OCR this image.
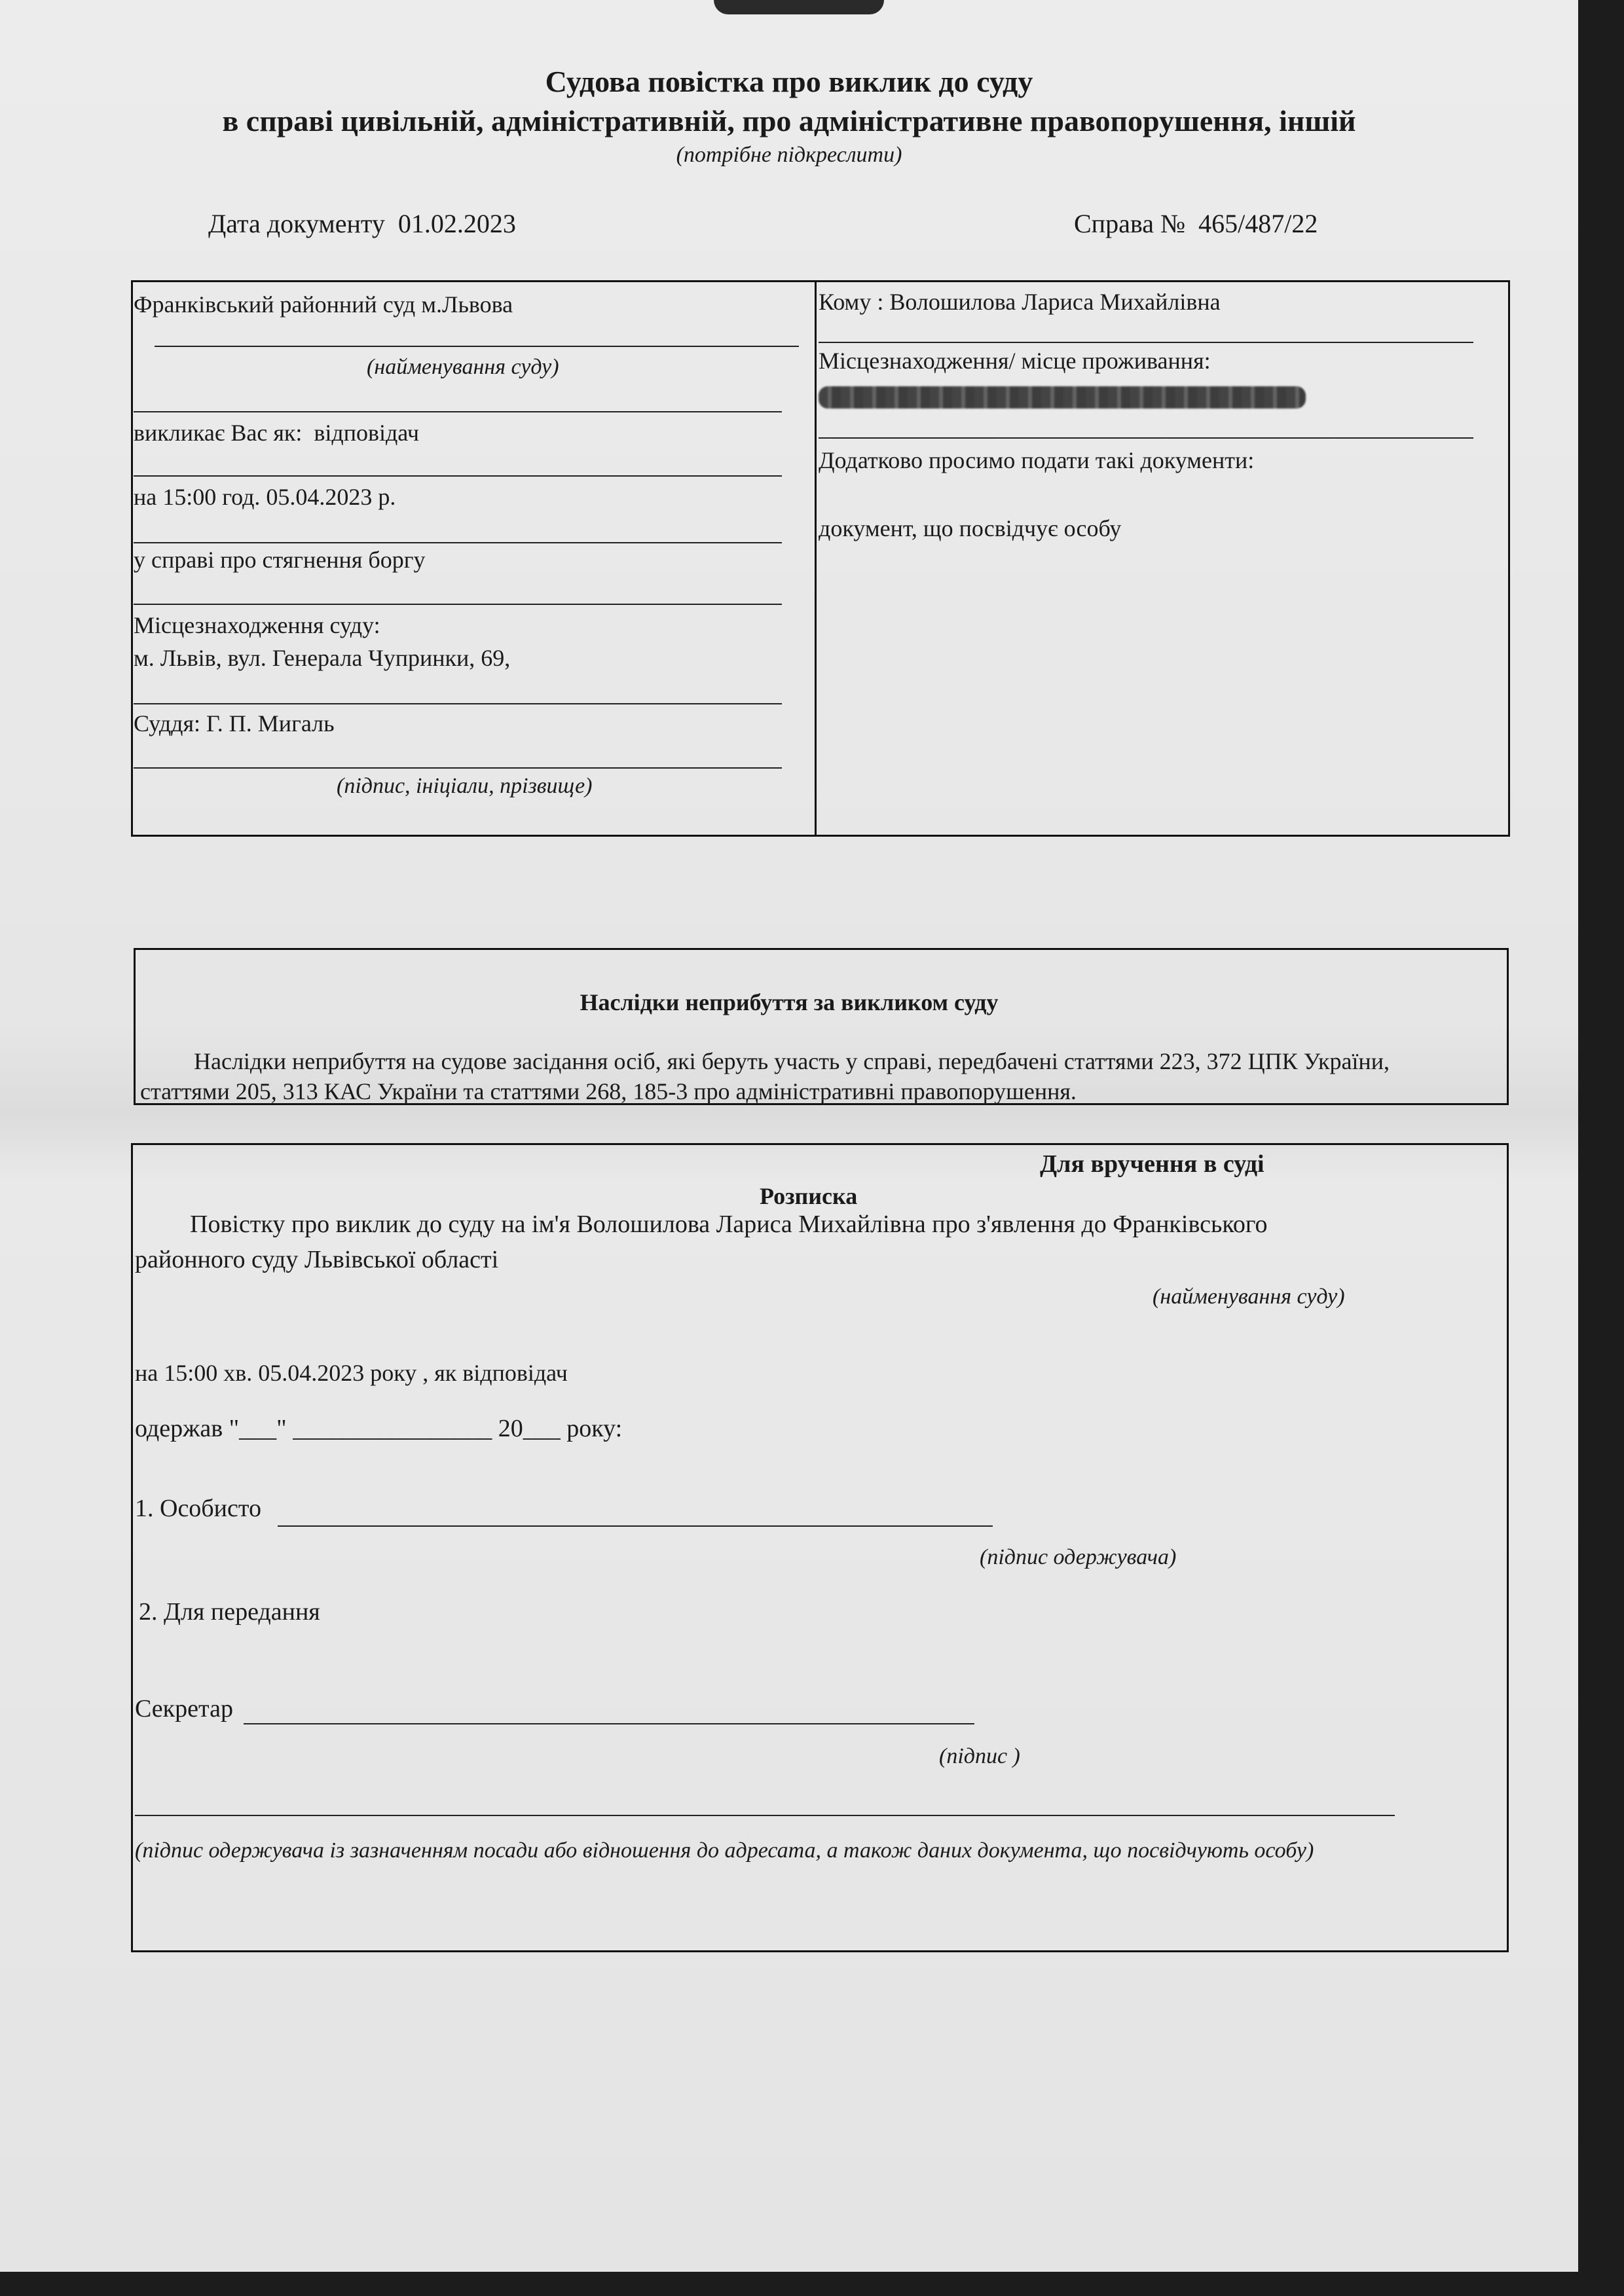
Судова повістка про виклик до суду
в справі цивільній, адміністративній, про адміністративне правопорушення, іншій
(потрібне підкреслити)
Дата документу 01.02.2023	Справа № 465/487/22
Франківський районний суд м.Львова
(найменування суду)
викликає Вас як: відповідач
на 15:00 год. 05.04.2023 р.
у справі про стягнення боргу
Місцезнаходження суду:
м. Львів, вул. Генерала Чупринки, 69,
Суддя: Г. П. Мигаль
(підпис, ініціали, прізвище)
Кому : Волошилова Лариса Михайлівна
Місцезнаходження/ місце проживання:
Додатково просимо подати такі документи:
документ, що посвідчує особу
Наслідки неприбуття за викликом суду
Наслідки неприбуття на судове засідання осіб, які беруть участь у справі, передбачені статтями 223, 372 ЦПК України,
статтями 205, 313 КАС України та статтями 268, 185-3 про адміністративні правопорушення.
Для вручення в суді
Розписка
Повістку про виклик до суду на ім'я Волошилова Лариса Михайлівна про з'явлення до Франківського
районного суду Львівської області
(найменування суду)
на 15:00 хв. 05.04.2023 року , як відповідач
одержав "___" ________________ 20___ року:
1. Особисто
(підпис одержувача)
2. Для передання
Секретар
(підпис )
(підпис одержувача із зазначенням посади або відношення до адресата, а також даних документа, що посвідчують особу)
